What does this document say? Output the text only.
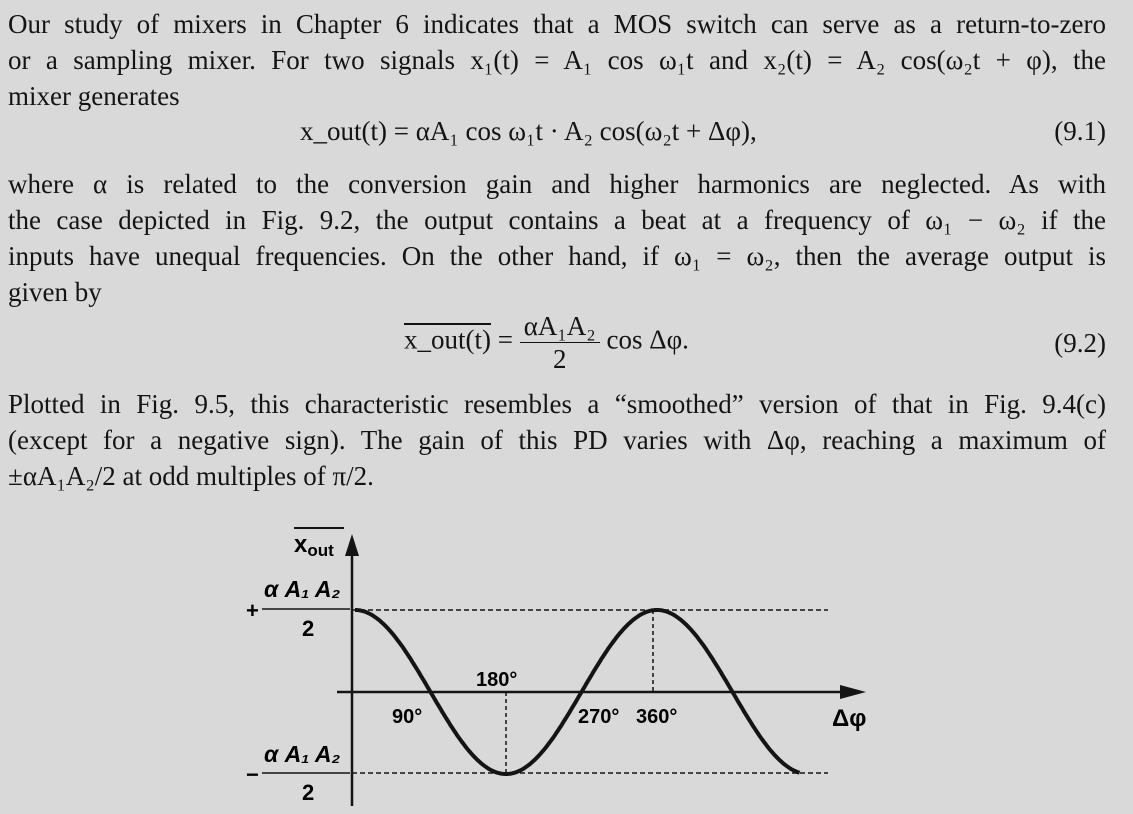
Our study of mixers in Chapter 6 indicates that a MOS switch can serve as a return-to-zero
or a sampling mixer. For two signals x₁(t) = A₁ cos ω₁t and x₂(t) = A₂ cos(ω₂t + φ), the
mixer generates
x_out(t) = αA₁ cos ω₁t · A₂ cos(ω₂t + Δφ),	(9.1)
where α is related to the conversion gain and higher harmonics are neglected. As with
the case depicted in Fig. 9.2, the output contains a beat at a frequency of ω₁ − ω₂ if the
inputs have unequal frequencies. On the other hand, if ω₁ = ω₂, then the average output is
given by
x_out(t) = $\frac{\text{αA₁A₂}}{2}$ cos Δφ.	(9.2)
Plotted in Fig. 9.5, this characteristic resembles a “smoothed” version of that in Fig. 9.4(c)
(except for a negative sign). The gain of this PD varies with Δφ, reaching a maximum of
±αA₁A₂/2 at odd multiples of π/2.
xout
+
α A₁ A₂
2
−
α A₁ A₂
2
90°
180°
270° 360°	Δφ
